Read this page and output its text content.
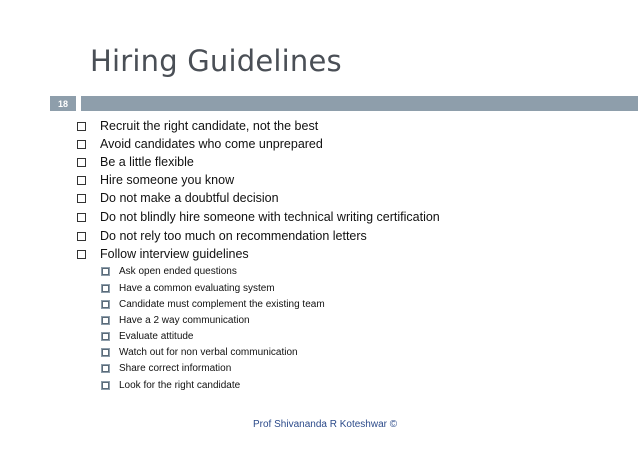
Hiring Guidelines
18
Recruit the right candidate, not the best
Avoid candidates who come unprepared
Be a little flexible
Hire someone you know
Do not make a doubtful decision
Do not blindly hire someone with technical writing certification
Do not rely too much on recommendation letters
Follow interview guidelines
Ask open ended questions
Have a common evaluating system
Candidate must complement the existing team
Have a 2 way communication
Evaluate attitude
Watch out for non verbal communication
Share correct information
Look for the right candidate
Prof Shivananda R Koteshwar ©
